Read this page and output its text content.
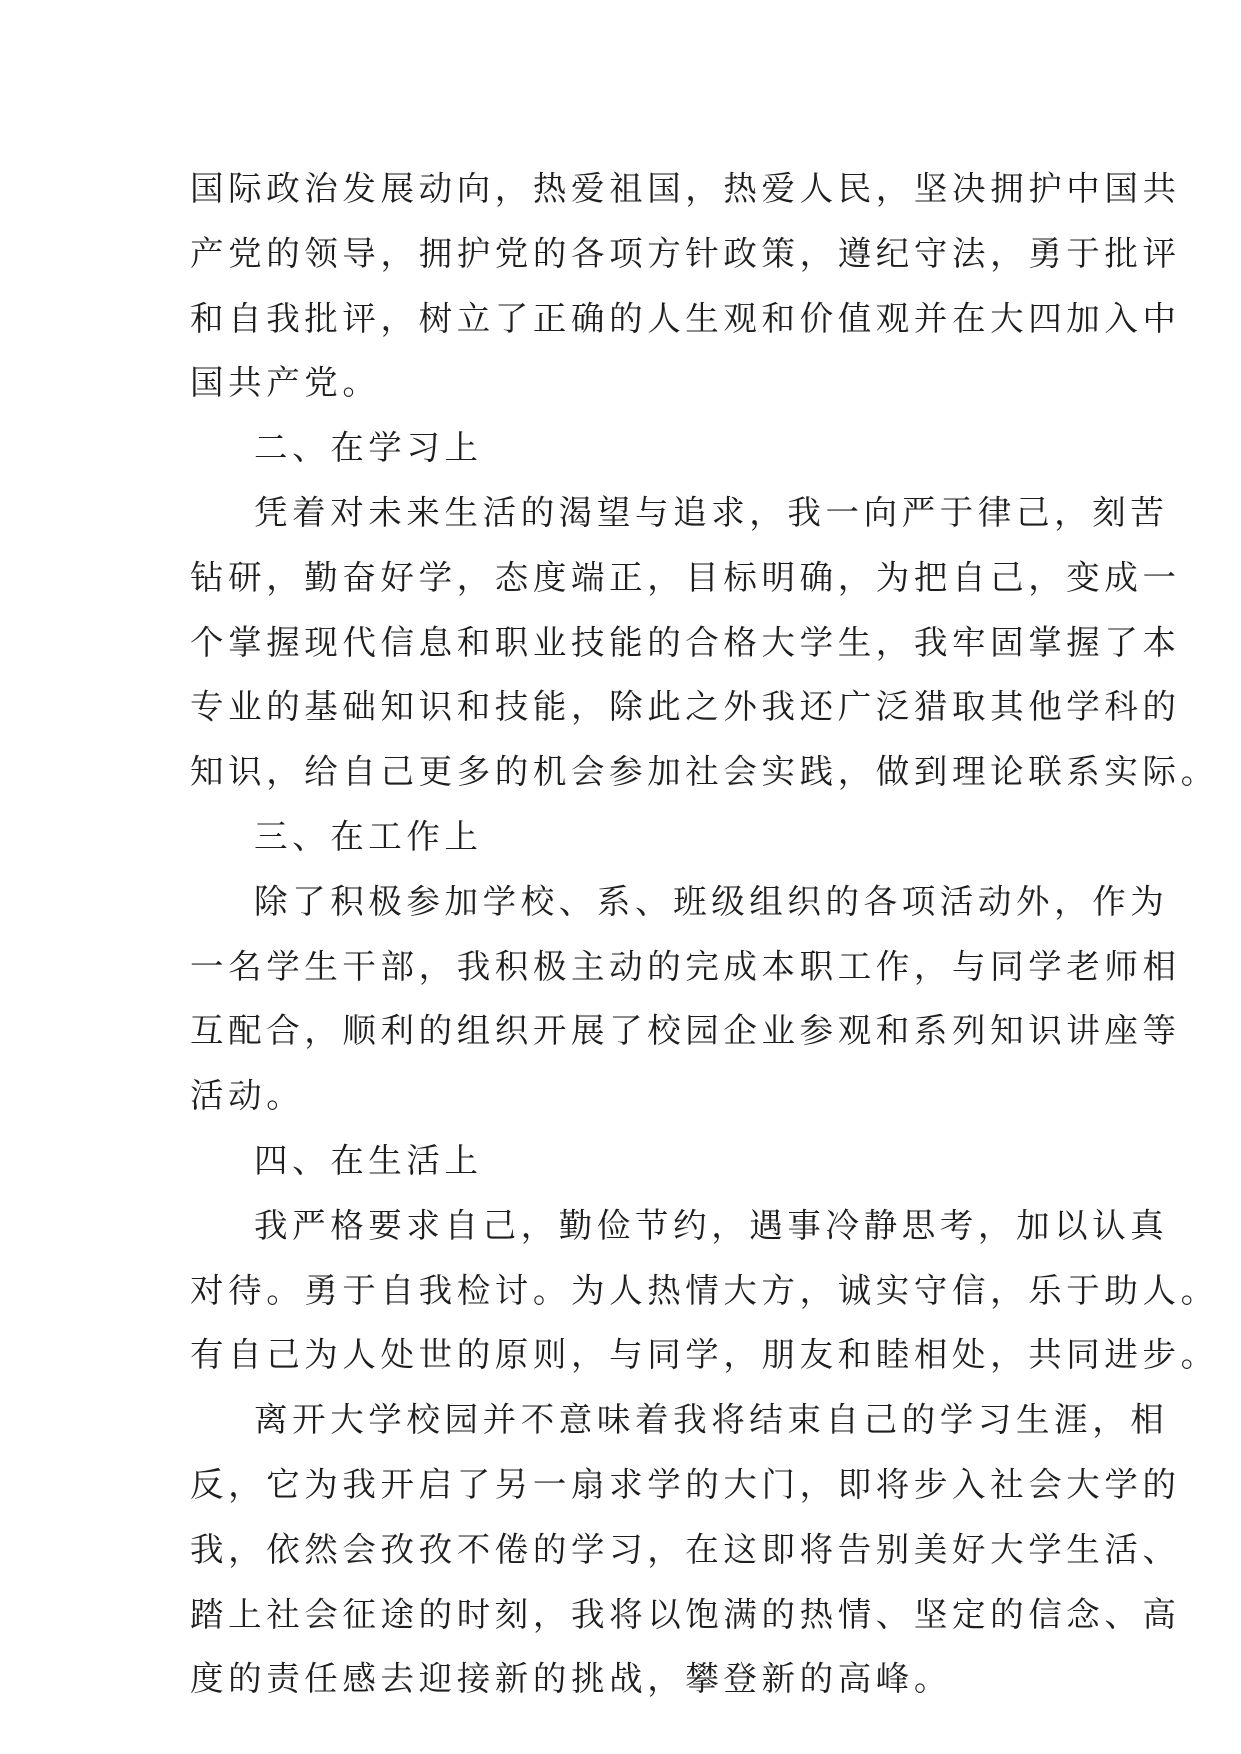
国际政治发展动向，热爱祖国，热爱人民，坚决拥护中国共
产党的领导，拥护党的各项方针政策，遵纪守法，勇于批评
和自我批评，树立了正确的人生观和价值观并在大四加入中
国共产党。
二、在学习上
凭着对未来生活的渴望与追求，我一向严于律己，刻苦
钻研，勤奋好学，态度端正，目标明确，为把自己，变成一
个掌握现代信息和职业技能的合格大学生，我牢固掌握了本
专业的基础知识和技能，除此之外我还广泛猎取其他学科的
知识，给自己更多的机会参加社会实践，做到理论联系实际。
三、在工作上
除了积极参加学校、系、班级组织的各项活动外，作为
一名学生干部，我积极主动的完成本职工作，与同学老师相
互配合，顺利的组织开展了校园企业参观和系列知识讲座等
活动。
四、在生活上
我严格要求自己，勤俭节约，遇事冷静思考，加以认真
对待。勇于自我检讨。为人热情大方，诚实守信，乐于助人。
有自己为人处世的原则，与同学，朋友和睦相处，共同进步。
离开大学校园并不意味着我将结束自己的学习生涯，相
反，它为我开启了另一扇求学的大门，即将步入社会大学的
我，依然会孜孜不倦的学习，在这即将告别美好大学生活、
踏上社会征途的时刻，我将以饱满的热情、坚定的信念、高
度的责任感去迎接新的挑战，攀登新的高峰。
